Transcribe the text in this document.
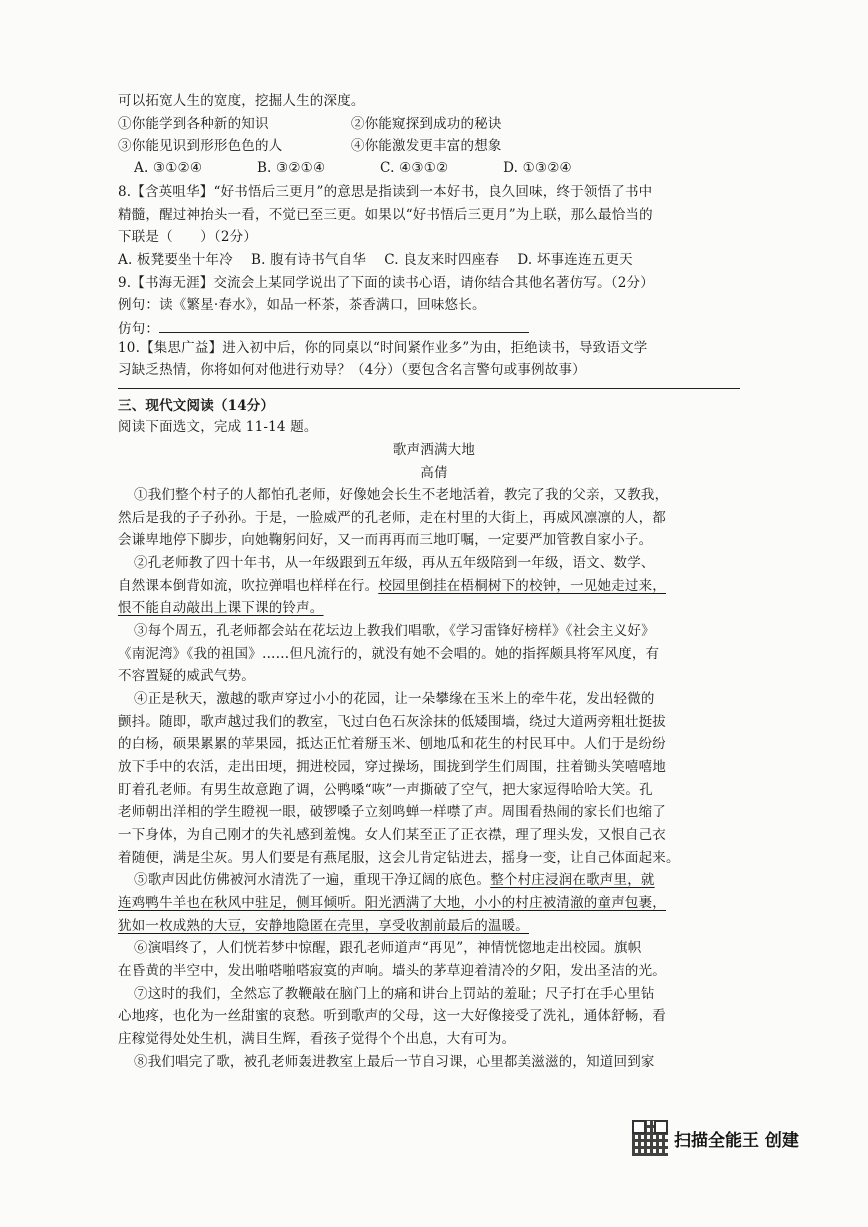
可以拓宽人生的宽度，挖掘人生的深度。
①你能学到各种新的知识　　　　　　②你能窥探到成功的秘诀
③你能见识到形形色色的人　　　　　④你能激发更丰富的想象
A. ③①②④　　　　B. ③②①④　　　　C. ④③①②　　　　D. ①③②④
8.【含英咀华】“好书悟后三更月”的意思是指读到一本好书，良久回味，终于领悟了书中
精髓，醒过神抬头一看，不觉已至三更。如果以“好书悟后三更月”为上联，那么最恰当的
下联是（　　）（2分）
A. 板凳要坐十年冷　 B. 腹有诗书气自华　 C. 良友来时四座春　 D. 坏事连连五更天
9.【书海无涯】交流会上某同学说出了下面的读书心语，请你结合其他名著仿写。（2分）
例句：读《繁星·春水》，如品一杯茶，茶香满口，回味悠长。
仿句：
10.【集思广益】进入初中后，你的同桌以“时间紧作业多”为由，拒绝读书，导致语文学
习缺乏热情，你将如何对他进行劝导？（4分）（要包含名言警句或事例故事）
三、现代文阅读（14分）
阅读下面选文，完成 11-14 题。
歌声洒满大地
高倩
①我们整个村子的人都怕孔老师，好像她会长生不老地活着，教完了我的父亲，又教我，
然后是我的子子孙孙。于是，一脸威严的孔老师，走在村里的大街上，再威风凛凛的人，都
会谦卑地停下脚步，向她鞠躬问好，又一而再再而三地叮嘱，一定要严加管教自家小子。
②孔老师教了四十年书，从一年级跟到五年级，再从五年级陪到一年级，语文、数学、
自然课本倒背如流，吹拉弹唱也样样在行。校园里倒挂在梧桐树下的校钟，一见她走过来，
恨不能自动敲出上课下课的铃声。
③每个周五，孔老师都会站在花坛边上教我们唱歌，《学习雷锋好榜样》《社会主义好》
《南泥湾》《我的祖国》……但凡流行的，就没有她不会唱的。她的指挥颇具将军风度，有
不容置疑的威武气势。
④正是秋天，激越的歌声穿过小小的花园，让一朵攀缘在玉米上的牵牛花，发出轻微的
颤抖。随即，歌声越过我们的教室，飞过白色石灰涂抹的低矮围墙，绕过大道两旁粗壮挺拔
的白杨，硕果累累的苹果园，抵达正忙着掰玉米、刨地瓜和花生的村民耳中。人们于是纷纷
放下手中的农活，走出田埂，拥进校园，穿过操场，围拢到学生们周围，拄着锄头笑嘻嘻地
盯着孔老师。有男生故意跑了调，公鸭嗓“咴”一声撕破了空气，把大家逗得哈哈大笑。孔
老师朝出洋相的学生瞪视一眼，破锣嗓子立刻鸣蝉一样噤了声。周围看热闹的家长们也缩了
一下身体，为自己刚才的失礼感到羞愧。女人们某至正了正衣襟，理了理头发，又恨自己衣
着随便，满是尘灰。男人们要是有燕尾服，这会儿肯定钻进去，摇身一变，让自己体面起来。
⑤歌声因此仿佛被河水清洗了一遍，重现干净辽阔的底色。整个村庄浸润在歌声里，就
连鸡鸭牛羊也在秋风中驻足，侧耳倾听。阳光洒满了大地，小小的村庄被清澈的童声包裹，
犹如一枚成熟的大豆，安静地隐匿在壳里，享受收割前最后的温暖。
⑥演唱终了，人们恍若梦中惊醒，跟孔老师道声“再见”，神情恍惚地走出校园。旗帜
在昏黄的半空中，发出啪嗒啪嗒寂寞的声响。墙头的茅草迎着清冷的夕阳，发出圣洁的光。
⑦这时的我们，全然忘了教鞭敲在脑门上的痛和讲台上罚站的羞耻；尺子打在手心里钻
心地疼，也化为一丝甜蜜的哀愁。听到歌声的父母，这一大好像接受了洗礼，通体舒畅，看
庄稼觉得处处生机，满目生辉，看孩子觉得个个出息，大有可为。
⑧我们唱完了歌，被孔老师轰进教室上最后一节自习课，心里都美滋滋的，知道回到家
扫描全能王 创建
